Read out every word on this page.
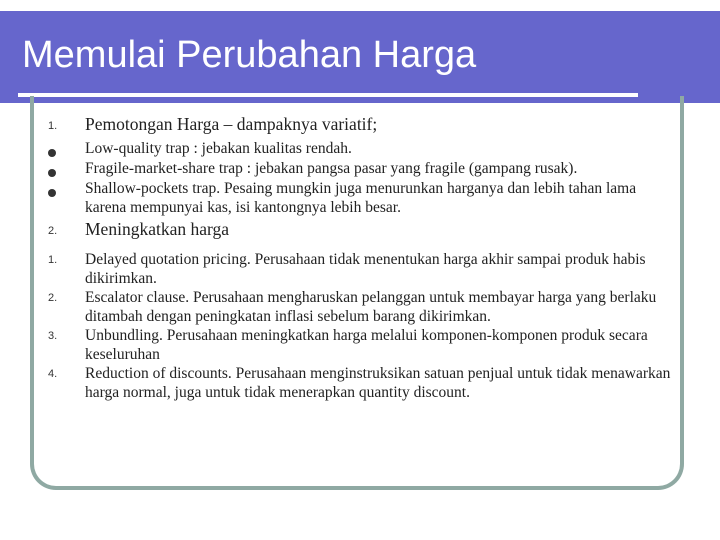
Memulai Perubahan Harga
1.	Pemotongan Harga – dampaknya variatif;
Low-quality trap : jebakan kualitas rendah.
Fragile-market-share trap : jebakan pangsa pasar yang fragile (gampang rusak).
Shallow-pockets trap. Pesaing mungkin juga menurunkan harganya dan lebih tahan lama karena mempunyai kas, isi kantongnya lebih besar.
2.	Meningkatkan harga
1.	Delayed quotation pricing. Perusahaan tidak menentukan harga akhir sampai produk habis dikirimkan.
2.	Escalator clause. Perusahaan mengharuskan pelanggan untuk membayar harga yang berlaku ditambah dengan peningkatan inflasi sebelum barang dikirimkan.
3.	Unbundling. Perusahaan meningkatkan harga melalui komponen-komponen produk secara keseluruhan
4.	Reduction of discounts. Perusahaan menginstruksikan satuan penjual untuk tidak menawarkan harga normal, juga untuk tidak menerapkan quantity discount.
